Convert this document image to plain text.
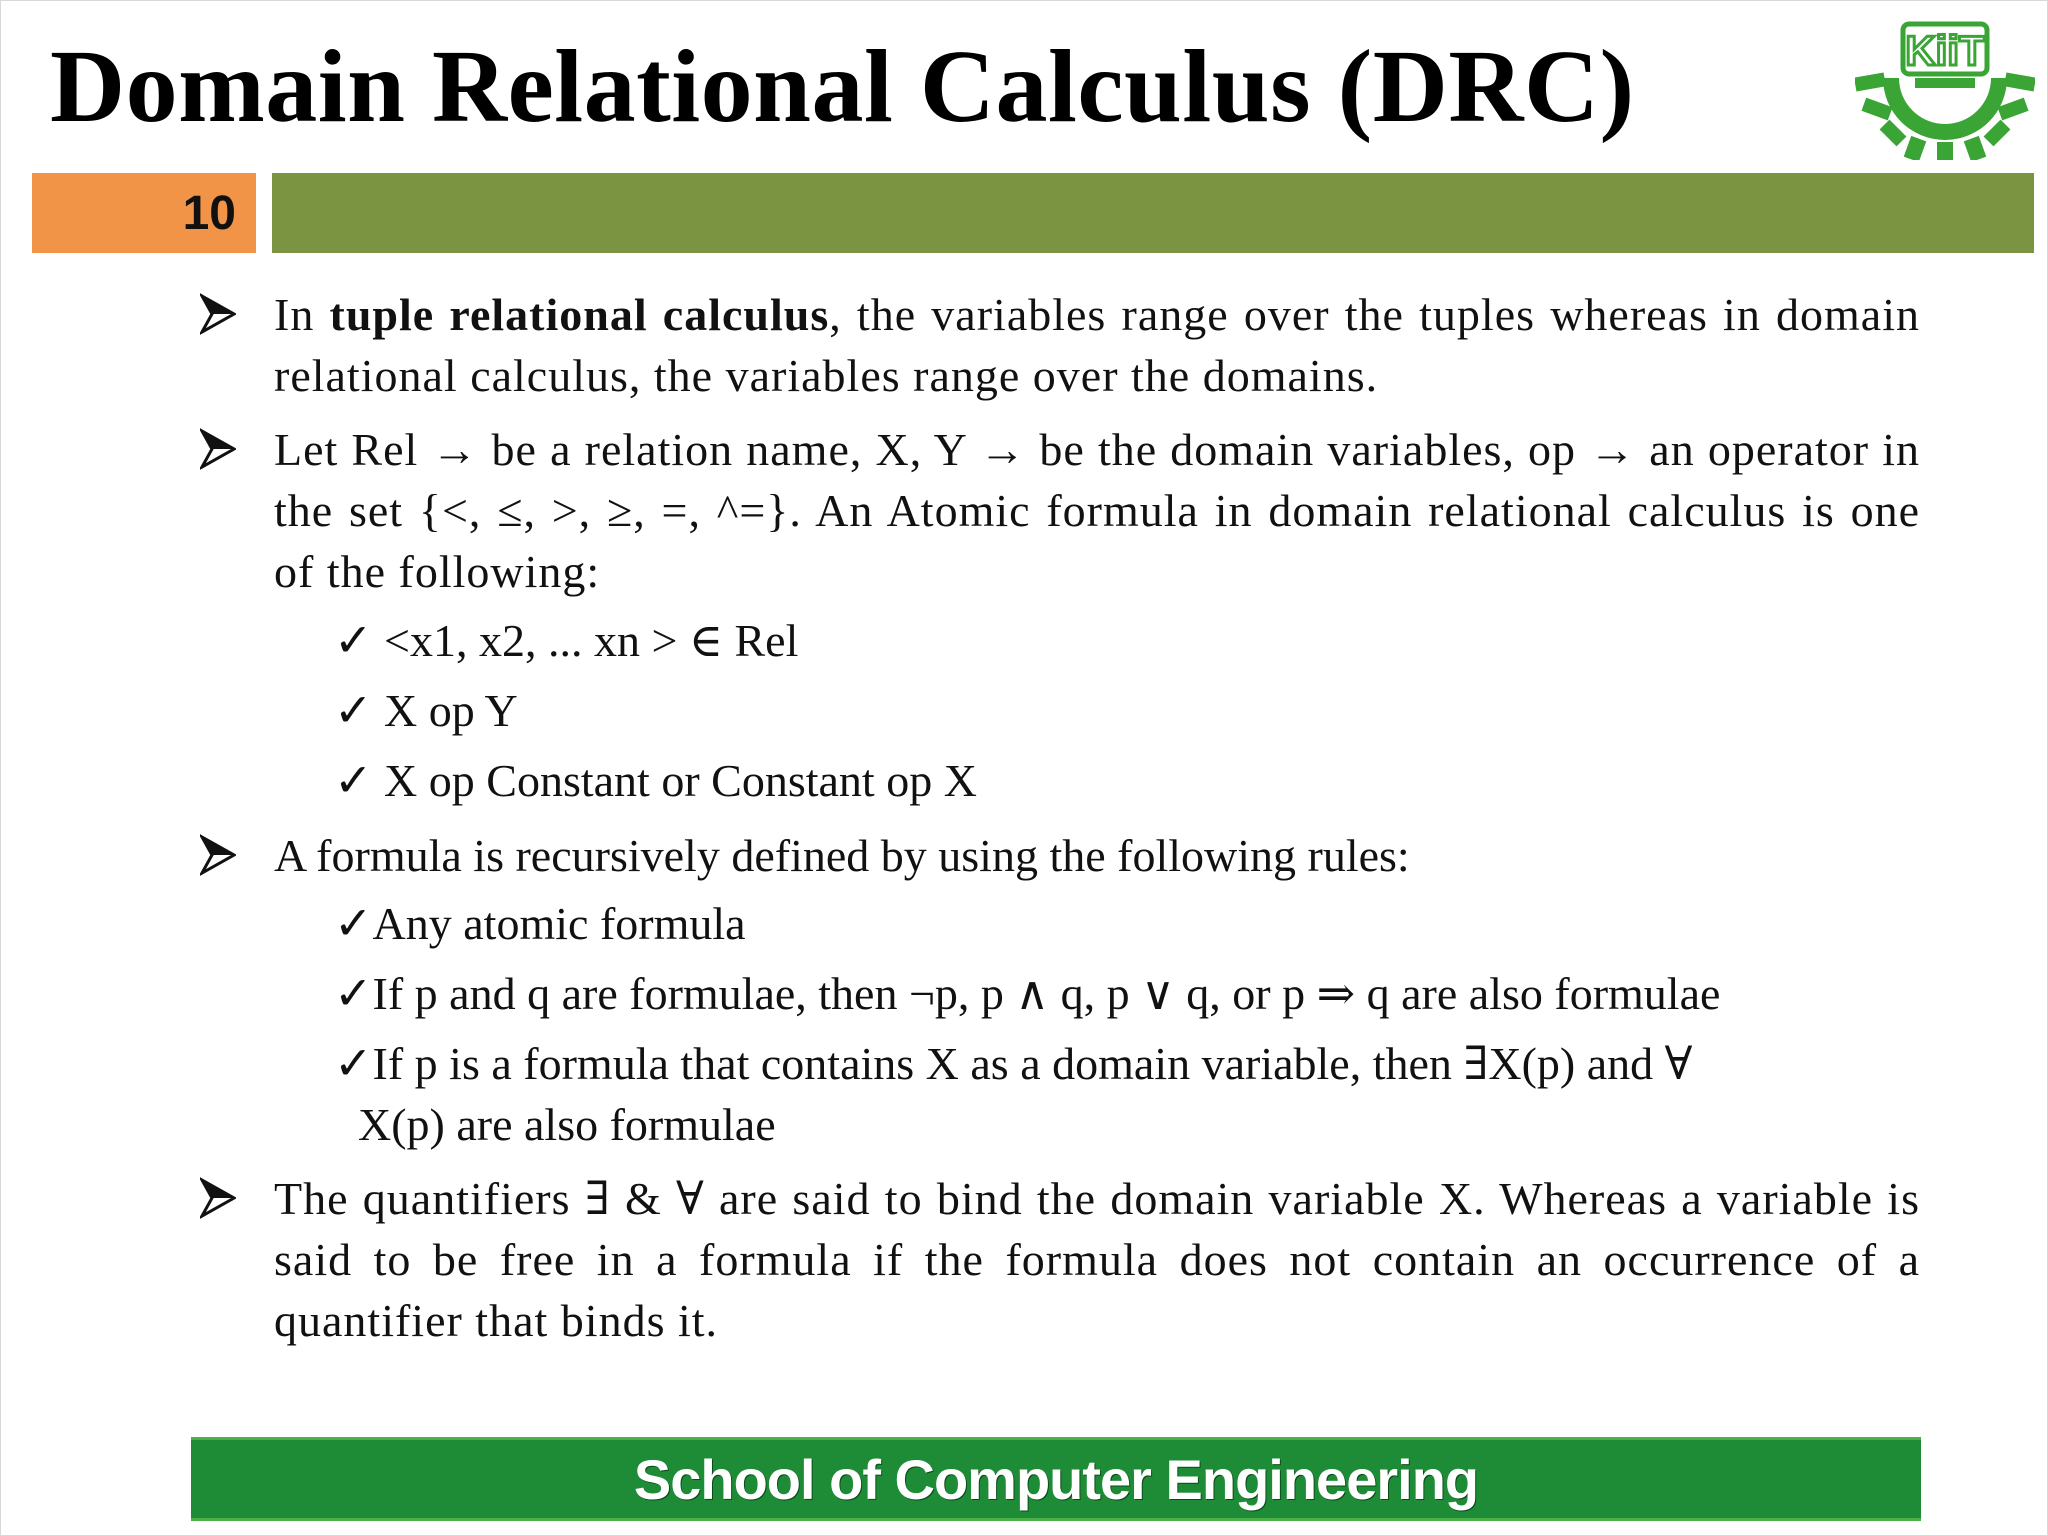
Domain Relational Calculus (DRC)	KiiT
10
In tuple relational calculus, the variables range over the tuples whereas in domain relational calculus, the variables range over the domains.
Let Rel → be a relation name, X, Y → be the domain variables, op → an operator in the set {<, ≤, >, ≥, =, ^=}. An Atomic formula in domain relational calculus is one of the following:
✓ <x1, x2, ... xn > ∈ Rel
✓ X op Y
✓ X op Constant or Constant op X
A formula is recursively defined by using the following rules:
✓Any atomic formula
✓If p and q are formulae, then ¬p, p ∧ q, p ∨ q, or p ⇒ q are also formulae
✓If p is a formula that contains X as a domain variable, then ∃X(p) and ∀
X(p) are also formulae
The quantifiers ∃ & ∀ are said to bind the domain variable X. Whereas a variable is said to be free in a formula if the formula does not contain an occurrence of a quantifier that binds it.
School of Computer Engineering
